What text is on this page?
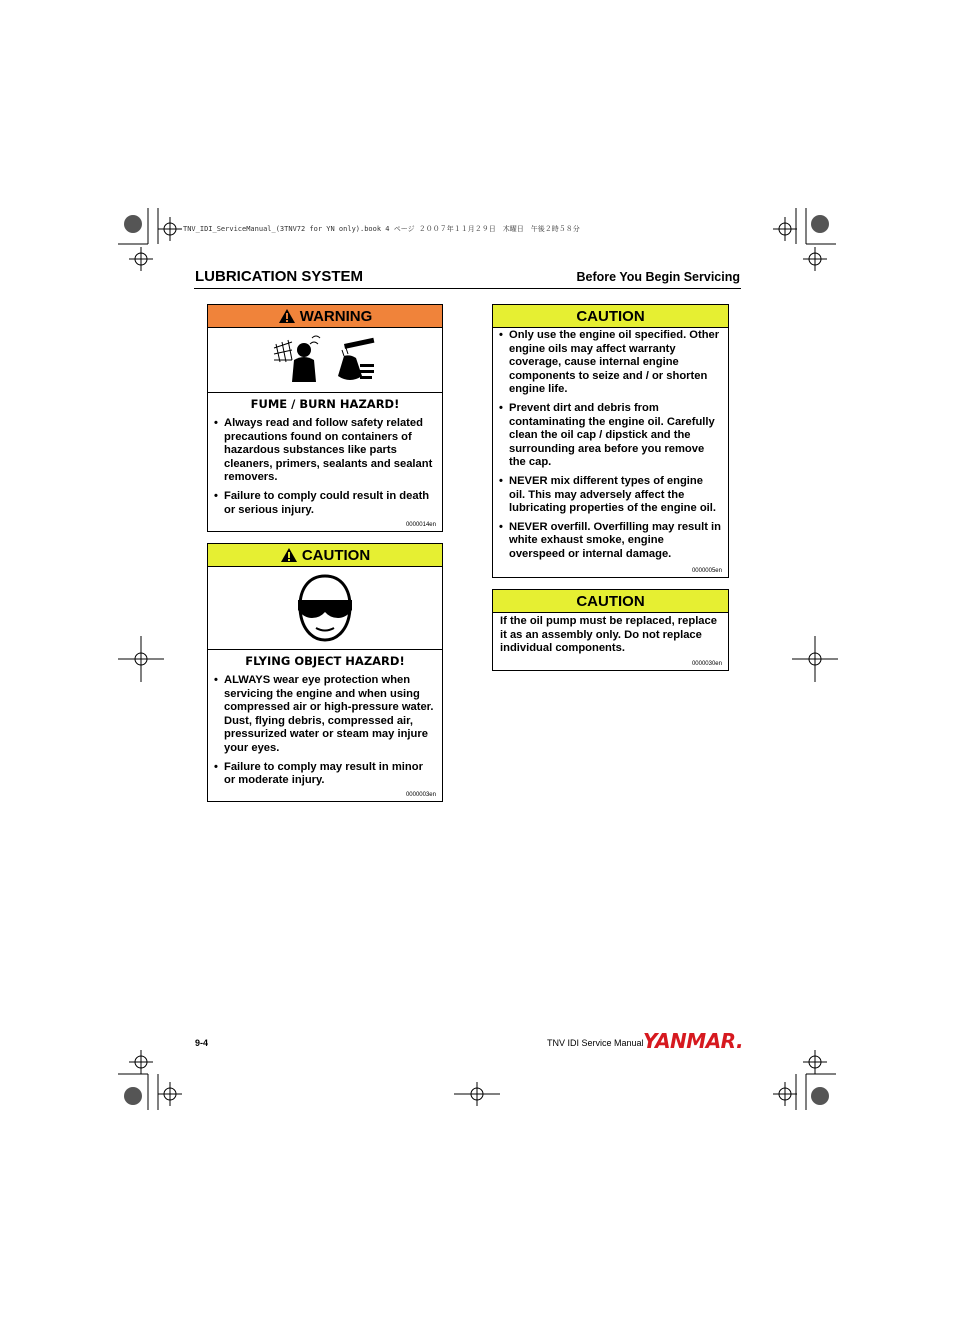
TNV_IDI_ServiceManual_(3TNV72 for YN only).book 4 ページ ２００７年１１月２９日　木曜日　午後２時５８分
LUBRICATION SYSTEM	Before You Begin Servicing
WARNING
FUME / BURN HAZARD!
• Always read and follow safety related precautions found on containers of hazardous substances like parts cleaners, primers, sealants and sealant removers.
• Failure to comply could result in death or serious injury.
0000014en
CAUTION
FLYING OBJECT HAZARD!
• ALWAYS wear eye protection when servicing the engine and when using compressed air or high-pressure water. Dust, flying debris, compressed air, pressurized water or steam may injure your eyes.
• Failure to comply may result in minor or moderate injury.
0000003en
CAUTION
• Only use the engine oil specified. Other engine oils may affect warranty coverage, cause internal engine components to seize and / or shorten engine life.
• Prevent dirt and debris from contaminating the engine oil. Carefully clean the oil cap / dipstick and the surrounding area before you remove the cap.
• NEVER mix different types of engine oil. This may adversely affect the lubricating properties of the engine oil.
• NEVER overfill. Overfilling may result in white exhaust smoke, engine overspeed or internal damage.
0000005en
CAUTION
If the oil pump must be replaced, replace it as an assembly only. Do not replace individual components.
0000030en
9-4	TNV IDI Service Manual YANMAR.
